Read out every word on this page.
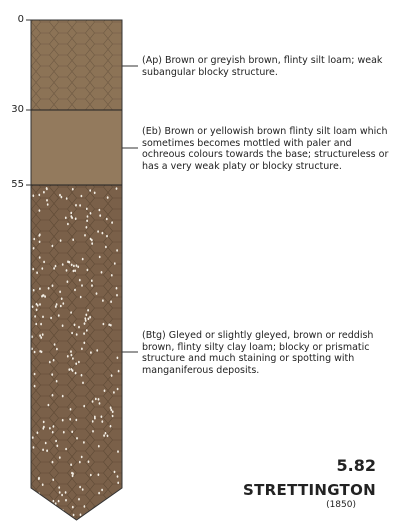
0
30
55
(Ap) Brown or greyish brown, flinty silt loam; weak subangular blocky structure.
(Eb) Brown or yellowish brown flinty silt loam which sometimes becomes mottled with paler and ochreous colours towards the base; structureless or has a very weak platy or blocky structure.
(Btg) Gleyed or slightly gleyed, brown or reddish brown, flinty silty clay loam; blocky or prismatic structure and much staining or spotting with manganiferous deposits.
5.82
STRETTINGTON
(1850)
